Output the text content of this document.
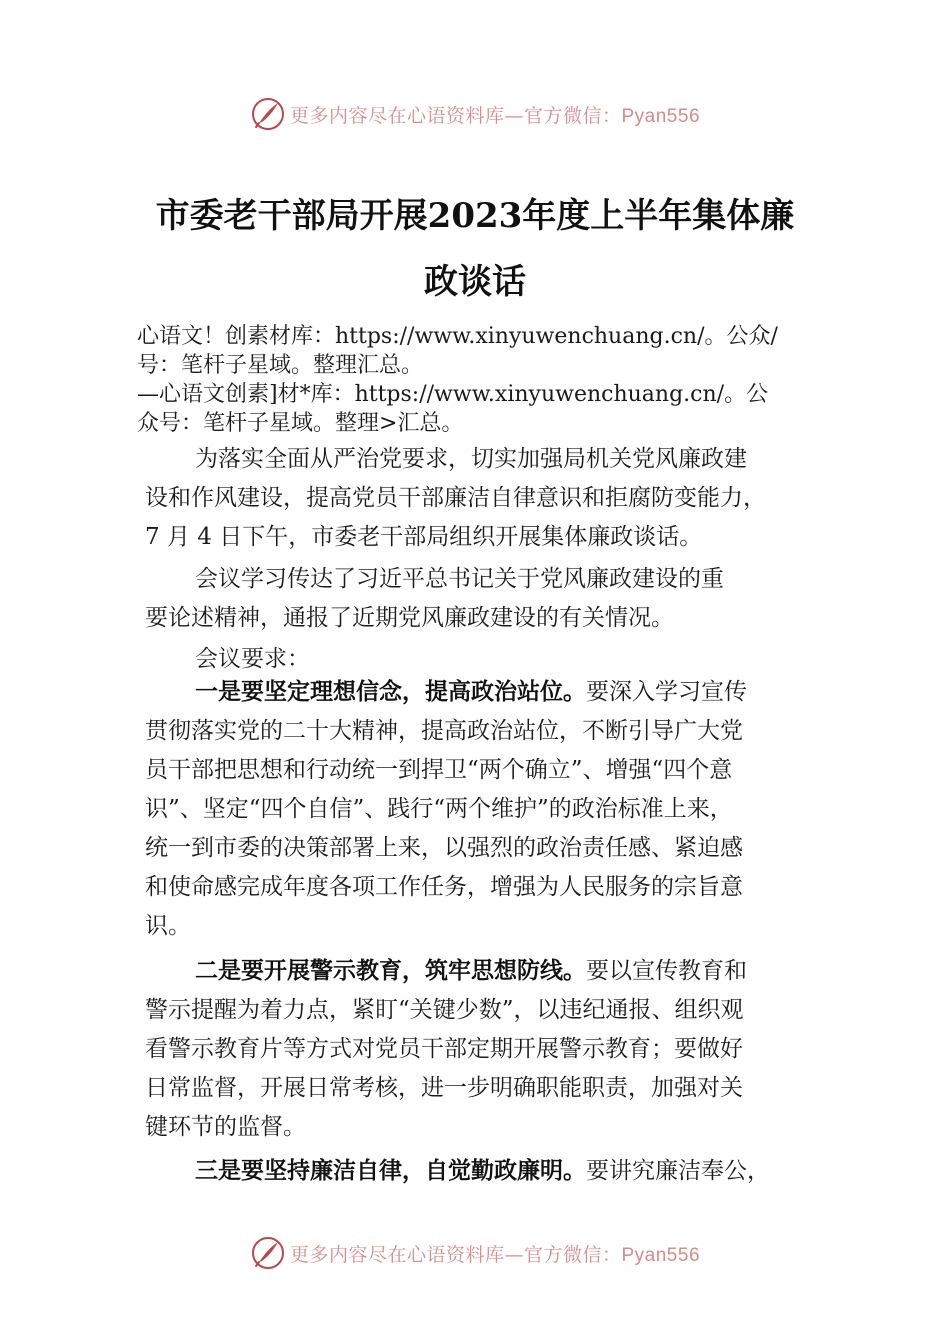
更多内容尽在心语资料库—官方微信：Pyan556
市委老干部局开展2023年度上半年集体廉
政谈话
心语文！创素材库：https://www.xinyuwenchuang.cn/。公众/
号：笔杆子星域。整理汇总。
—心语文创素]材*库：https://www.xinyuwenchuang.cn/。公
众号：笔杆子星域。整理>汇总。

为落实全面从严治党要求，切实加强局机关党风廉政建
设和作风建设，提高党员干部廉洁自律意识和拒腐防变能力，
7 月 4 日下午，市委老干部局组织开展集体廉政谈话。

会议学习传达了习近平总书记关于党风廉政建设的重
要论述精神，通报了近期党风廉政建设的有关情况。

会议要求：

一是要坚定理想信念，提高政治站位。要深入学习宣传
贯彻落实党的二十大精神，提高政治站位，不断引导广大党
员干部把思想和行动统一到捍卫“两个确立”、增强“四个意
识”、坚定“四个自信”、践行“两个维护”的政治标准上来，
统一到市委的决策部署上来，以强烈的政治责任感、紧迫感
和使命感完成年度各项工作任务，增强为人民服务的宗旨意
识。

二是要开展警示教育，筑牢思想防线。要以宣传教育和
警示提醒为着力点，紧盯“关键少数”，以违纪通报、组织观
看警示教育片等方式对党员干部定期开展警示教育；要做好
日常监督，开展日常考核，进一步明确职能职责，加强对关
键环节的监督。

三是要坚持廉洁自律，自觉勤政廉明。要讲究廉洁奉公，

更多内容尽在心语资料库—官方微信：Pyan556
